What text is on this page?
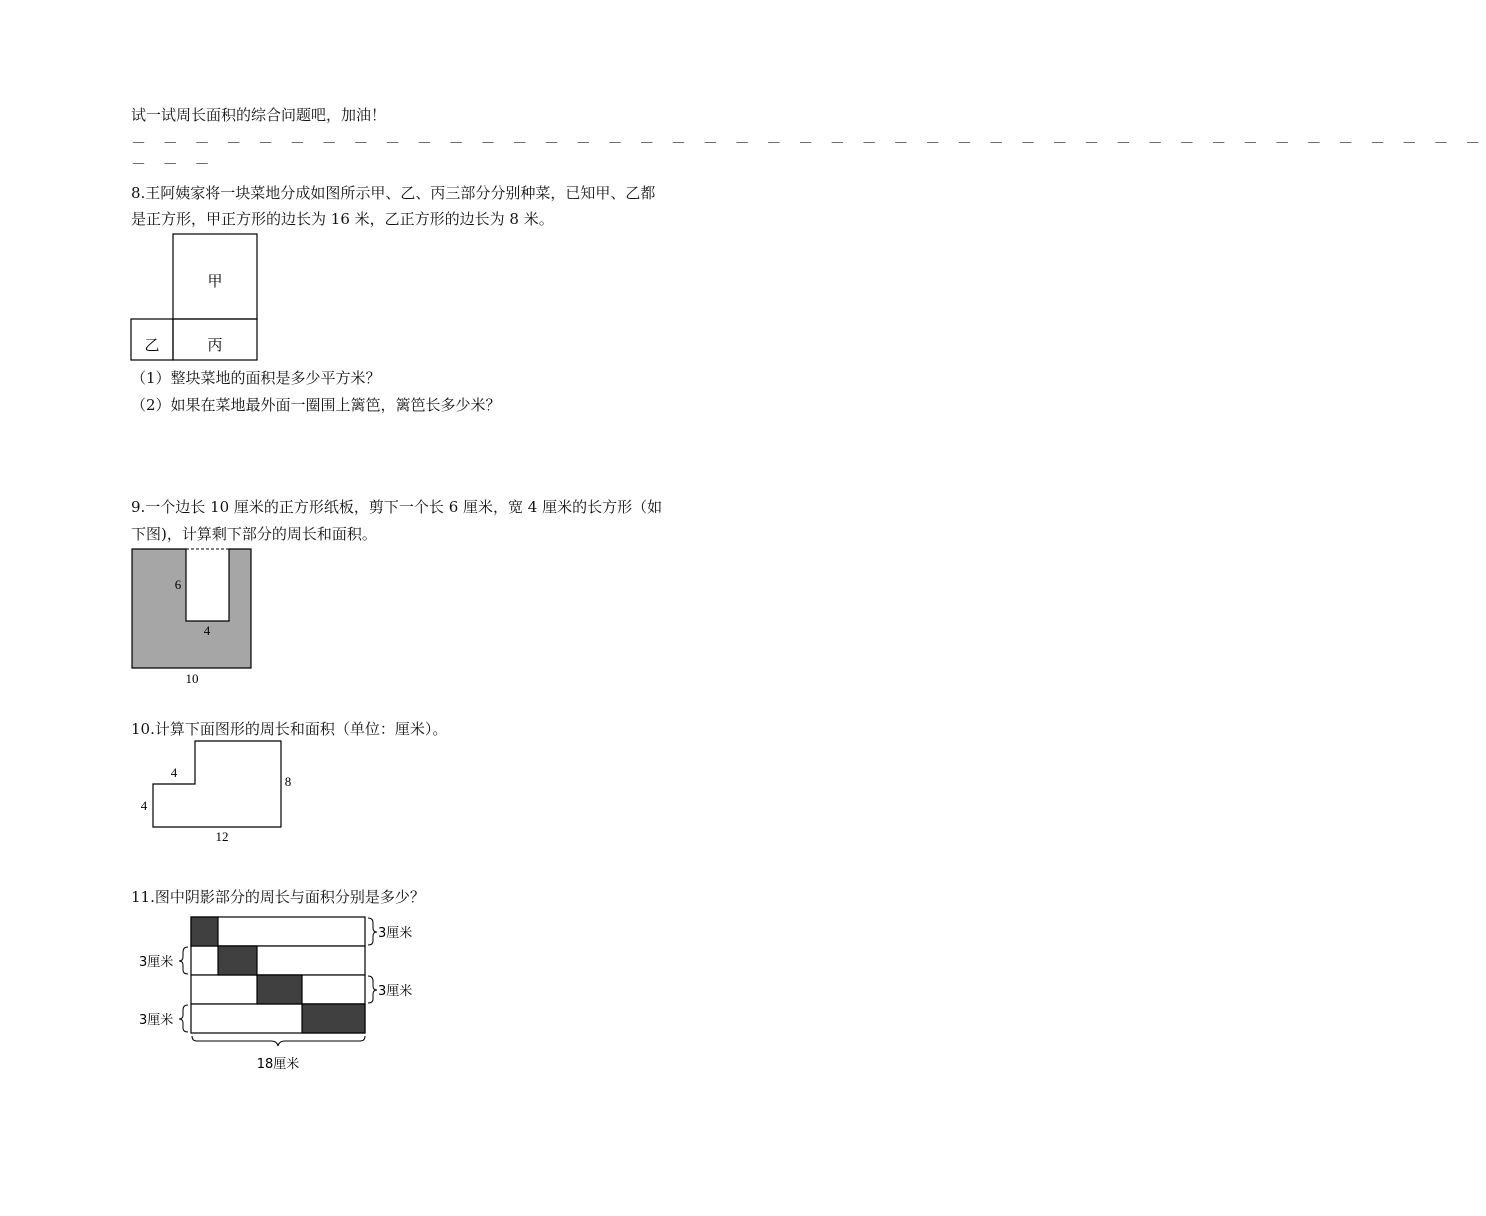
试一试周长面积的综合问题吧，加油！
－ － － － － － － － － － － － － － － － － － － － － － － － － － － － － － － － － － － － － － － － － － －
－ － －
8.王阿姨家将一块菜地分成如图所示甲、乙、丙三部分分别种菜，已知甲、乙都
是正方形，甲正方形的边长为 16 米，乙正方形的边长为 8 米。
甲
乙	丙
（1）整块菜地的面积是多少平方米？
（2）如果在菜地最外面一圈围上篱笆，篱笆长多少米？
9.一个边长 10 厘米的正方形纸板，剪下一个长 6 厘米，宽 4 厘米的长方形（如
下图)，计算剩下部分的周长和面积。
6
4
10
10.计算下面图形的周长和面积（单位：厘米）。
4
4
8
12
11.图中阴影部分的周长与面积分别是多少？
3厘米
3厘米
3厘米
3厘米
18厘米
